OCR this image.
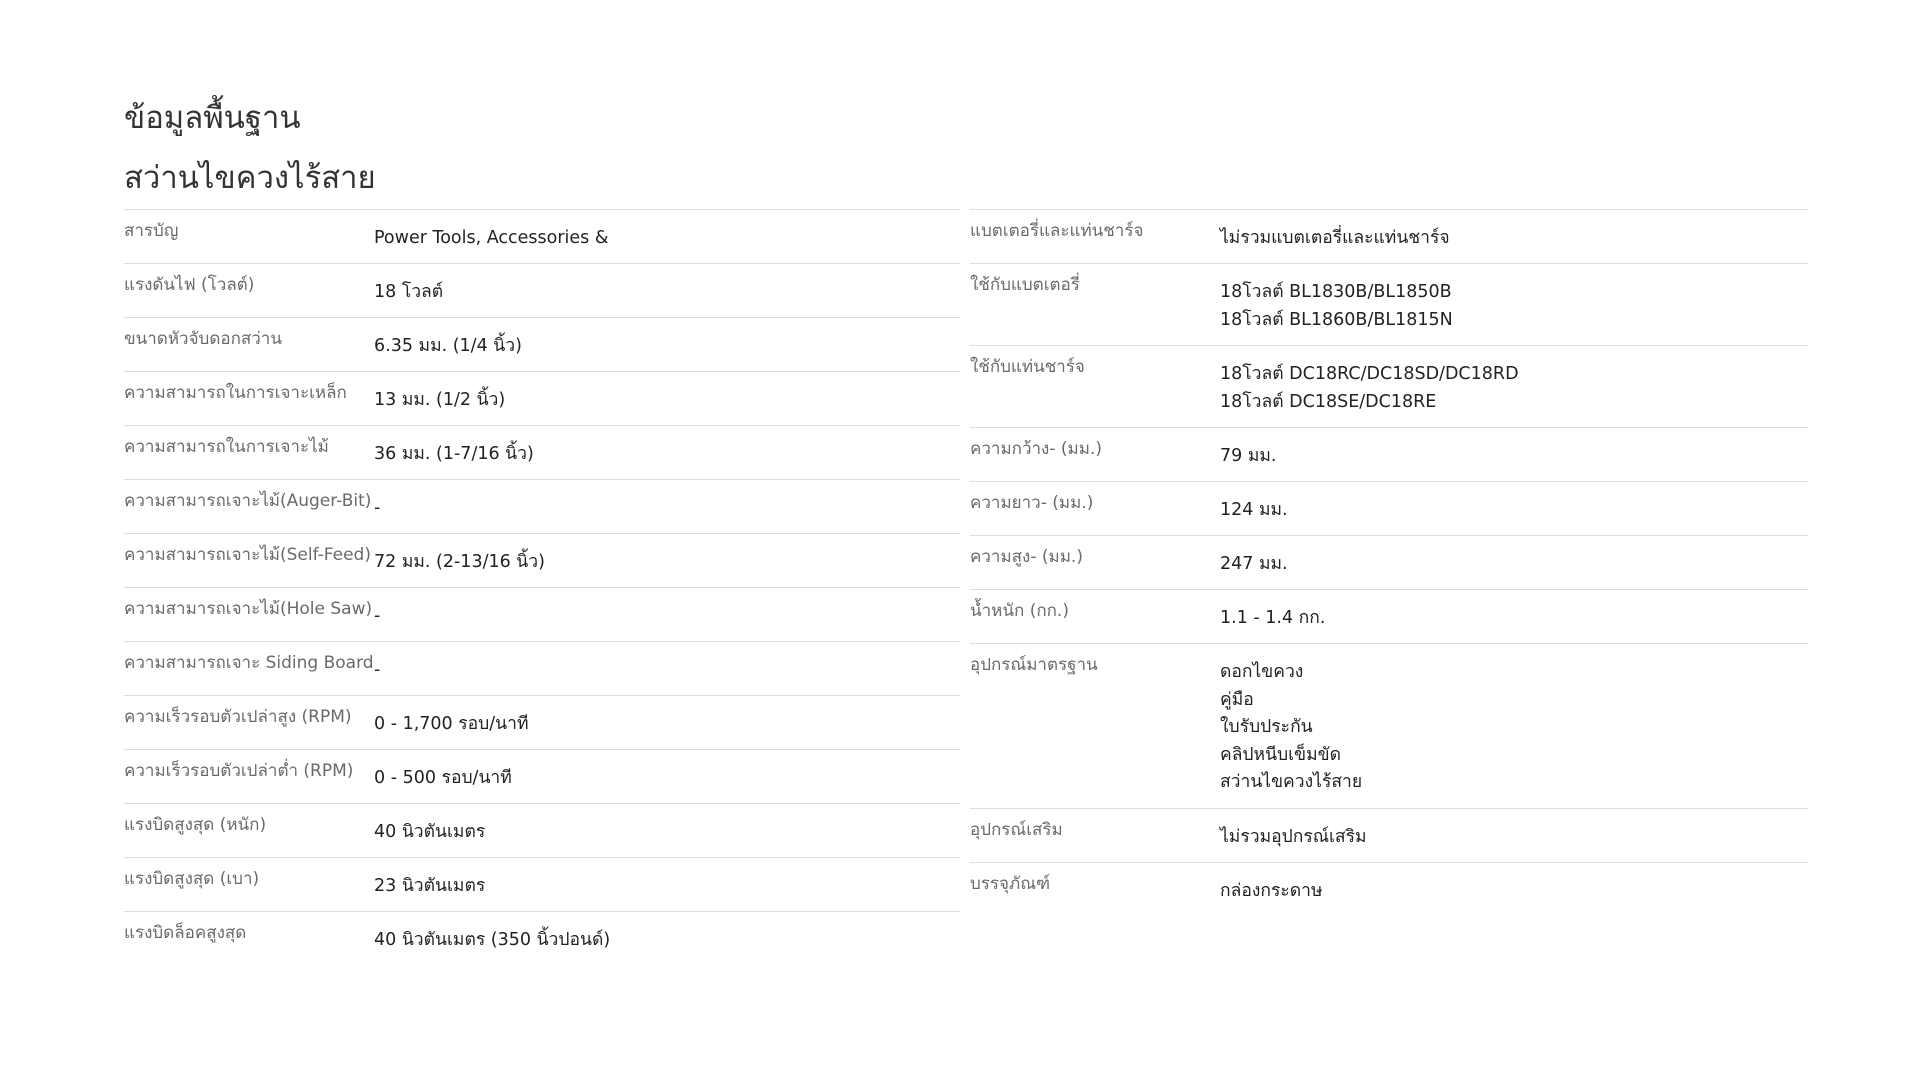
ข้อมูลพื้นฐาน
สว่านไขควงไร้สาย
สารบัญ	Power Tools, Accessories &
แรงดันไฟ (โวลต์)	18 โวลต์
ขนาดหัวจับดอกสว่าน	6.35 มม. (1/4 นิ้ว)
ความสามารถในการเจาะเหล็ก	13 มม. (1/2 นิ้ว)
ความสามารถในการเจาะไม้	36 มม. (1-7/16 นิ้ว)
ความสามารถเจาะไม้(Auger-Bit) -
ความสามารถเจาะไม้(Self-Feed) 72 มม. (2-13/16 นิ้ว)
ความสามารถเจาะไม้(Hole Saw) -
ความสามารถเจาะ Siding Board -
ความเร็วรอบตัวเปล่าสูง (RPM)	0 - 1,700 รอบ/นาที
ความเร็วรอบตัวเปล่าต่ำ (RPM)	0 - 500 รอบ/นาที
แรงบิดสูงสุด (หนัก)	40 นิวตันเมตร
แรงบิดสูงสุด (เบา)	23 นิวตันเมตร
แรงบิดล็อคสูงสุด	40 นิวตันเมตร (350 นิ้วปอนด์)
แบตเตอรี่และแท่นชาร์จ	ไม่รวมแบตเตอรี่และแท่นชาร์จ
ใช้กับแบตเตอรี่	18โวลต์ BL1830B/BL1850B
18โวลต์ BL1860B/BL1815N
ใช้กับแท่นชาร์จ	18โวลต์ DC18RC/DC18SD/DC18RD
18โวลต์ DC18SE/DC18RE
ความกว้าง- (มม.)	79 มม.
ความยาว- (มม.)	124 มม.
ความสูง- (มม.)	247 มม.
น้ำหนัก (กก.)	1.1 - 1.4 กก.
อุปกรณ์มาตรฐาน	ดอกไขควง
คู่มือ
ใบรับประกัน
คลิปหนีบเข็มขัด
สว่านไขควงไร้สาย
อุปกรณ์เสริม	ไม่รวมอุปกรณ์เสริม
บรรจุภัณฑ์	กล่องกระดาษ
